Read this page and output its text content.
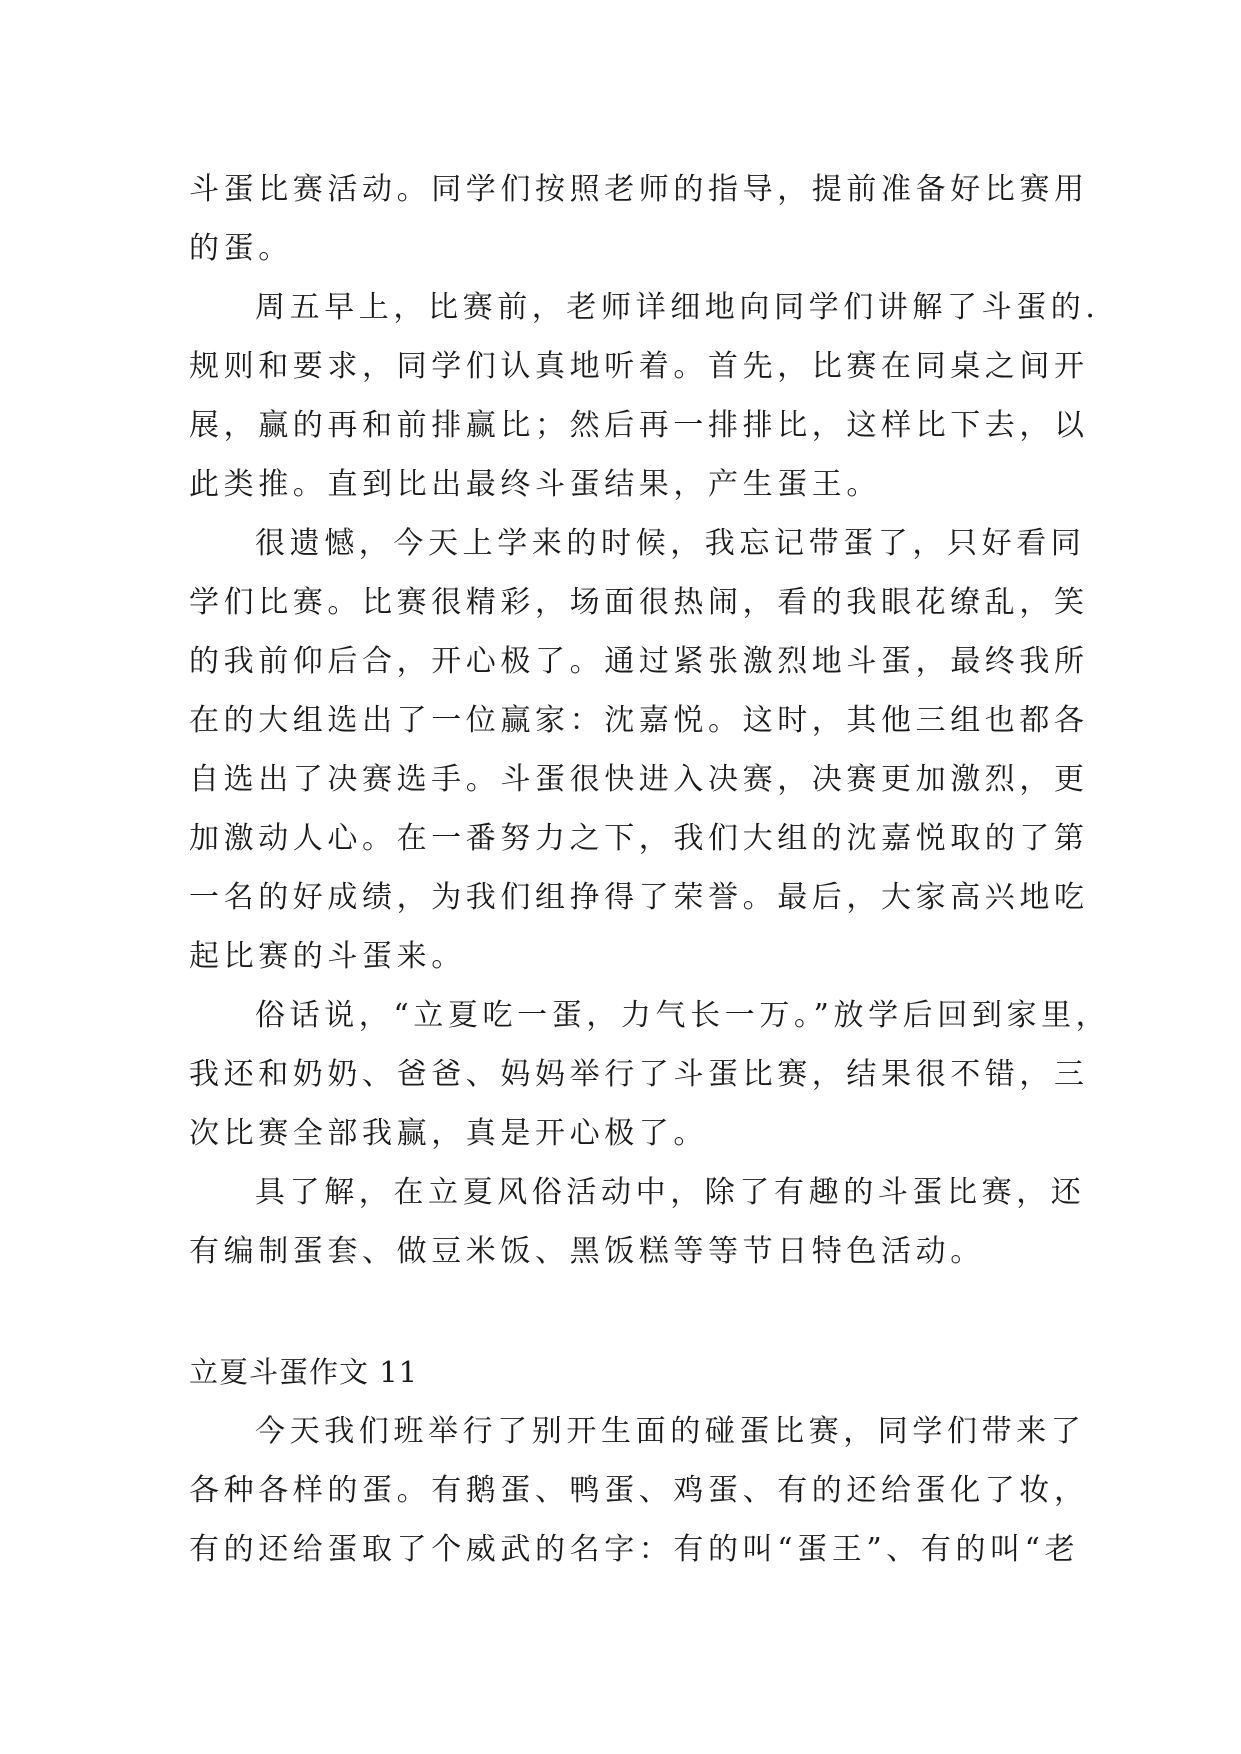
斗蛋比赛活动。同学们按照老师的指导，提前准备好比赛用
的蛋。
周五早上，比赛前，老师详细地向同学们讲解了斗蛋的.
规则和要求，同学们认真地听着。首先，比赛在同桌之间开
展，赢的再和前排赢比；然后再一排排比，这样比下去，以
此类推。直到比出最终斗蛋结果，产生蛋王。
很遗憾，今天上学来的时候，我忘记带蛋了，只好看同
学们比赛。比赛很精彩，场面很热闹，看的我眼花缭乱，笑
的我前仰后合，开心极了。通过紧张激烈地斗蛋，最终我所
在的大组选出了一位赢家：沈嘉悦。这时，其他三组也都各
自选出了决赛选手。斗蛋很快进入决赛，决赛更加激烈，更
加激动人心。在一番努力之下，我们大组的沈嘉悦取的了第
一名的好成绩，为我们组挣得了荣誉。最后，大家高兴地吃
起比赛的斗蛋来。
俗话说，“立夏吃一蛋，力气长一万。”放学后回到家里，
我还和奶奶、爸爸、妈妈举行了斗蛋比赛，结果很不错，三
次比赛全部我赢，真是开心极了。
具了解，在立夏风俗活动中，除了有趣的斗蛋比赛，还
有编制蛋套、做豆米饭、黑饭糕等等节日特色活动。
立夏斗蛋作文 11
今天我们班举行了别开生面的碰蛋比赛，同学们带来了
各种各样的蛋。有鹅蛋、鸭蛋、鸡蛋、有的还给蛋化了妆，
有的还给蛋取了个威武的名字：有的叫“蛋王”、有的叫“老
